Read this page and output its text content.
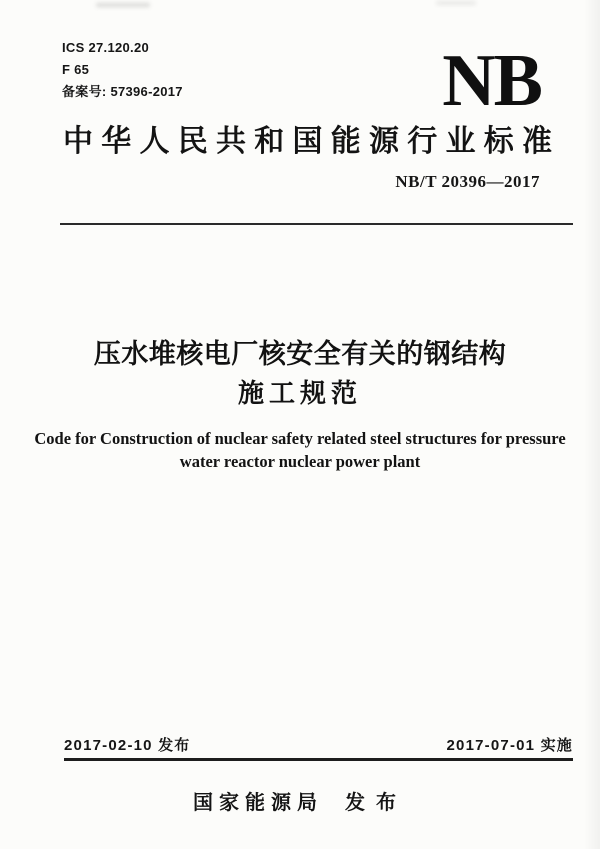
ICS 27.120.20
F 65
备案号: 57396-2017	NB
中华人民共和国能源行业标准
NB/T 20396—2017
压水堆核电厂核安全有关的钢结构
施工规范
Code for Construction of nuclear safety related steel structures for pressure
water reactor nuclear power plant
2017-02-10 发布	2017-07-01 实施
国家能源局 发布
